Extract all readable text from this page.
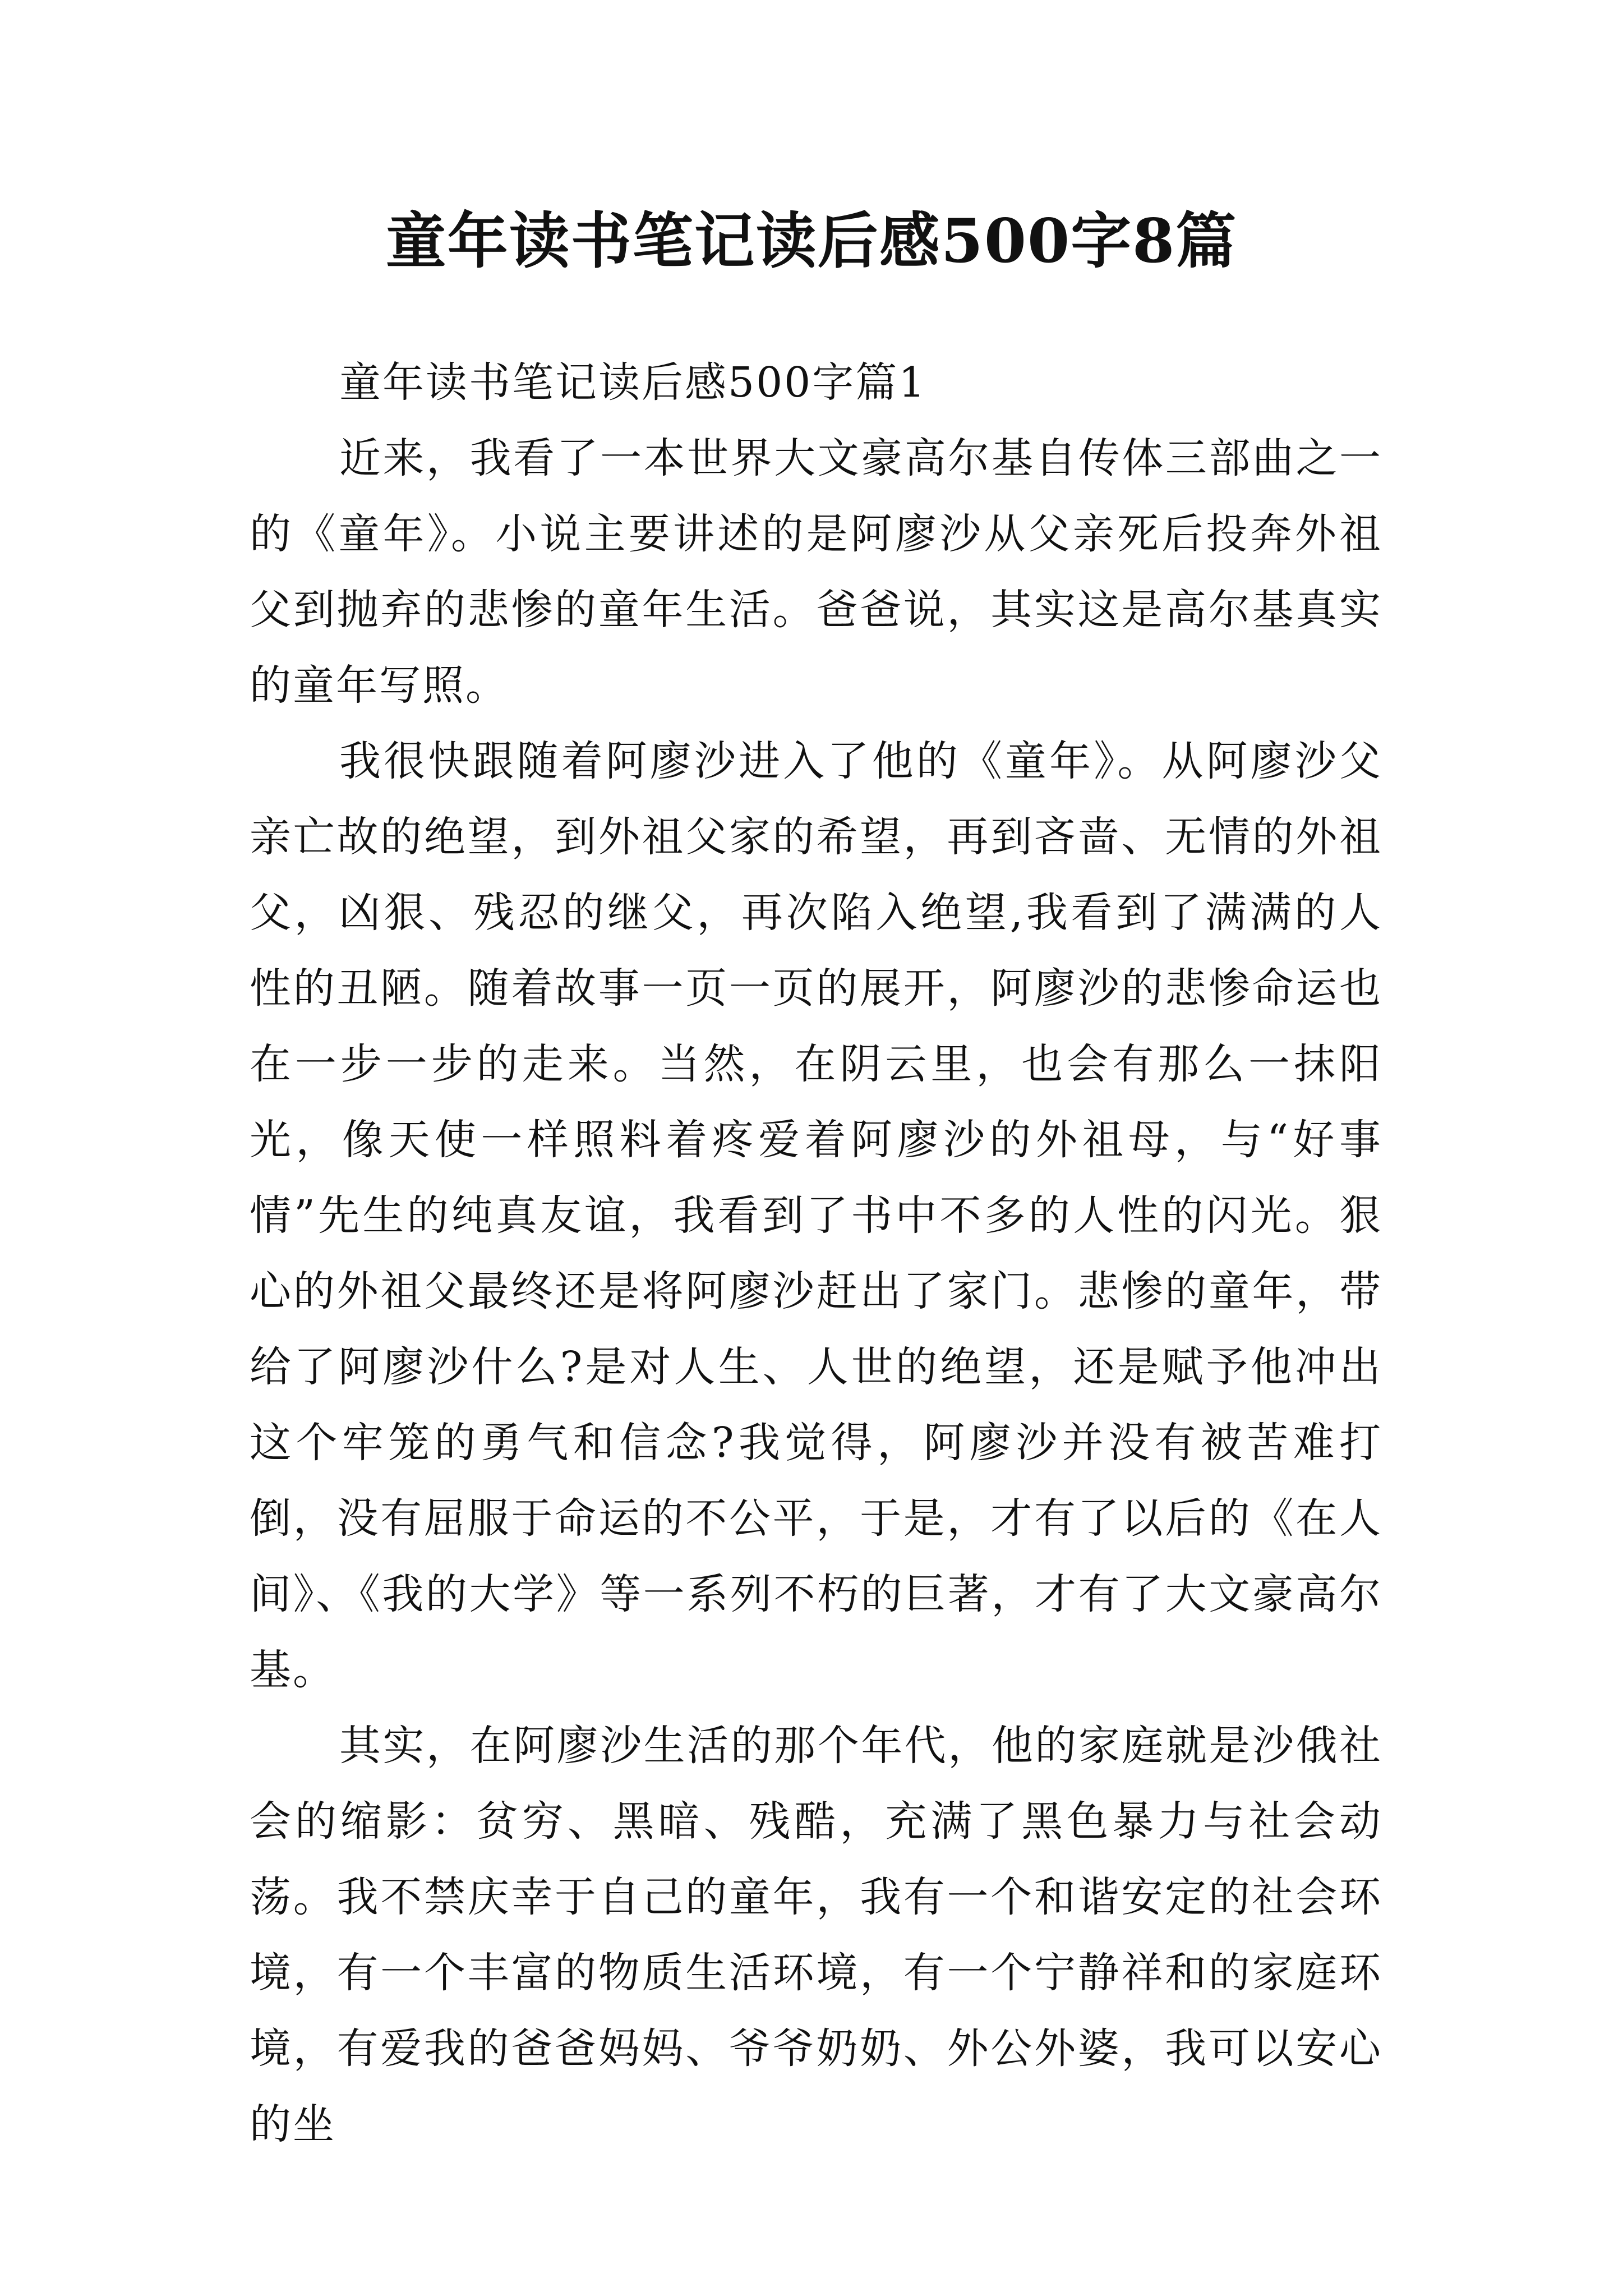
童年读书笔记读后感500字8篇

童年读书笔记读后感500字篇1

近来，我看了一本世界大文豪高尔基自传体三部曲之一的《童年》。小说主要讲述的是阿廖沙从父亲死后投奔外祖父到抛弃的悲惨的童年生活。爸爸说，其实这是高尔基真实的童年写照。

我很快跟随着阿廖沙进入了他的《童年》。从阿廖沙父亲亡故的绝望，到外祖父家的希望，再到吝啬、无情的外祖父，凶狠、残忍的继父，再次陷入绝望,我看到了满满的人性的丑陋。随着故事一页一页的展开，阿廖沙的悲惨命运也在一步一步的走来。当然，在阴云里，也会有那么一抹阳光，像天使一样照料着疼爱着阿廖沙的外祖母，与“好事情”先生的纯真友谊，我看到了书中不多的人性的闪光。狠心的外祖父最终还是将阿廖沙赶出了家门。悲惨的童年，带给了阿廖沙什么?是对人生、人世的绝望，还是赋予他冲出这个牢笼的勇气和信念?我觉得，阿廖沙并没有被苦难打倒，没有屈服于命运的不公平，于是，才有了以后的《在人间》、《我的大学》等一系列不朽的巨著，才有了大文豪高尔基。

其实，在阿廖沙生活的那个年代，他的家庭就是沙俄社会的缩影：贫穷、黑暗、残酷，充满了黑色暴力与社会动荡。我不禁庆幸于自己的童年，我有一个和谐安定的社会环境，有一个丰富的物质生活环境，有一个宁静祥和的家庭环境，有爱我的爸爸妈妈、爷爷奶奶、外公外婆，我可以安心的坐
